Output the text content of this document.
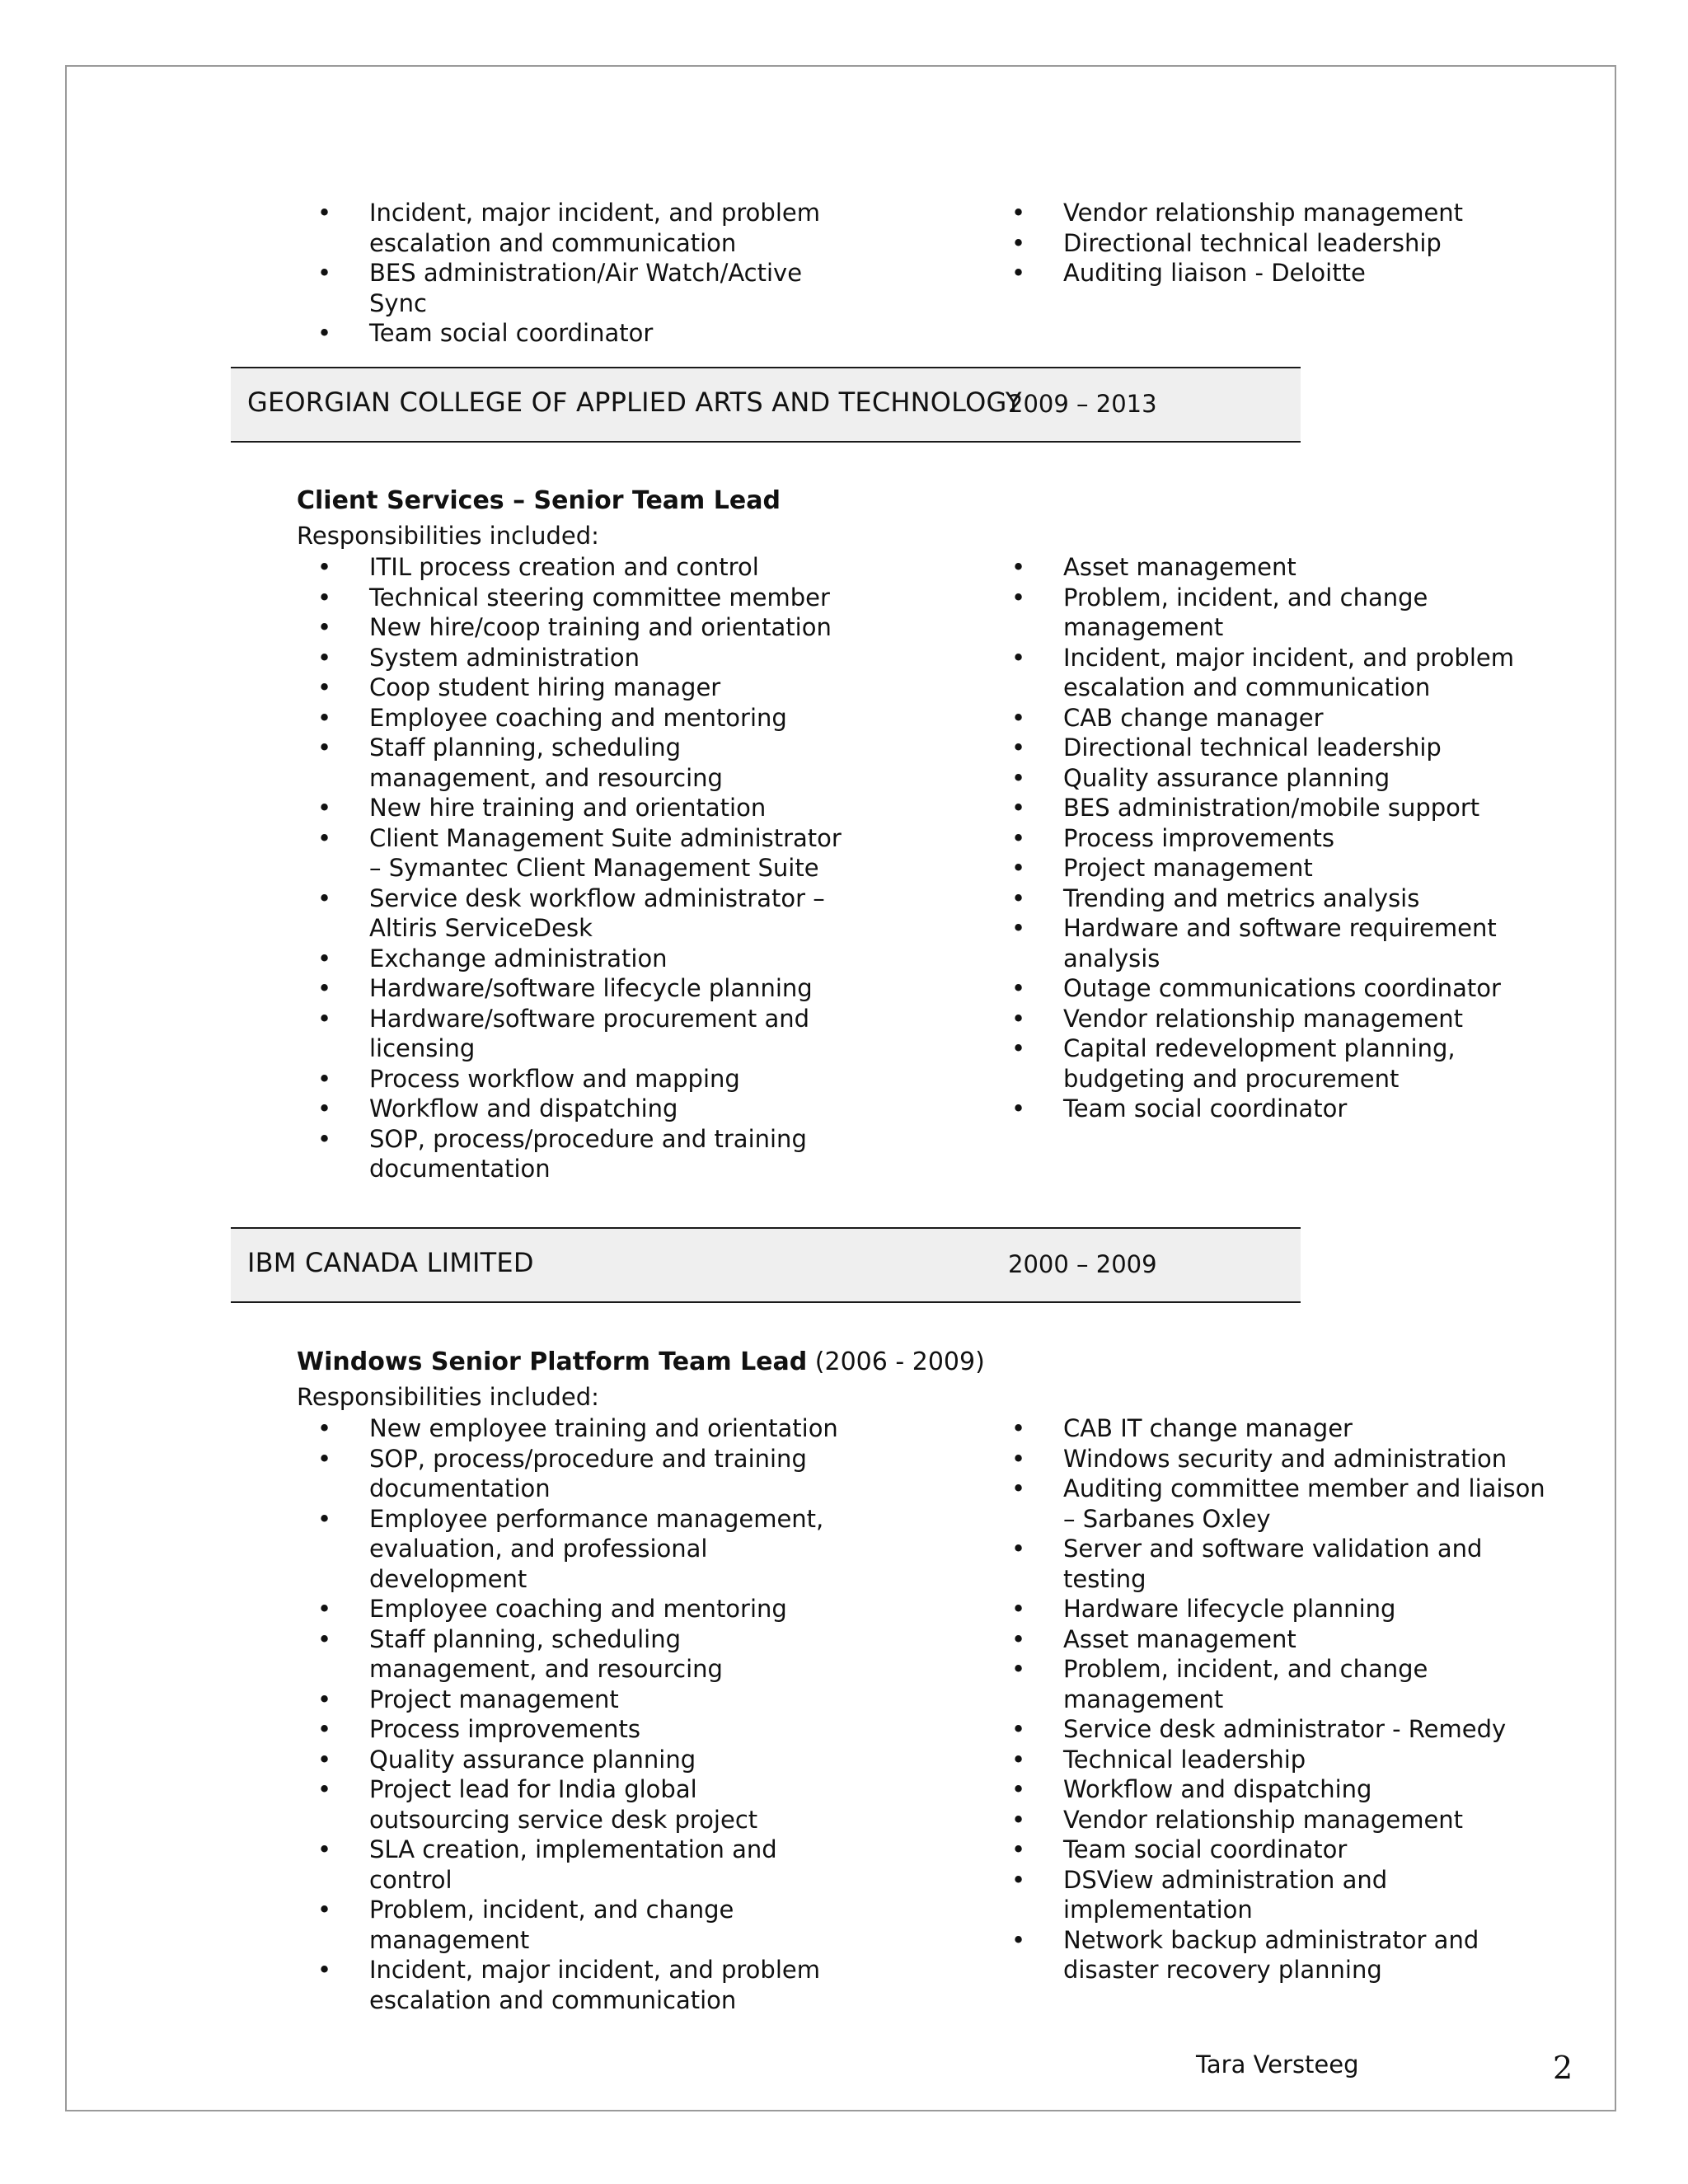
• Incident, major incident, and problem escalation and communication
• BES administration/Air Watch/Active Sync
• Team social coordinator
• Vendor relationship management
• Directional technical leadership
• Auditing liaison - Deloitte
GEORGIAN COLLEGE OF APPLIED ARTS AND TECHNOLOGY
2009 – 2013
Client Services – Senior Team Lead
Responsibilities included:
• ITIL process creation and control
• Technical steering committee member
• New hire/coop training and orientation
• System administration
• Coop student hiring manager
• Employee coaching and mentoring
• Staff planning, scheduling management, and resourcing
• New hire training and orientation
• Client Management Suite administrator – Symantec Client Management Suite
• Service desk workflow administrator – Altiris ServiceDesk
• Exchange administration
• Hardware/software lifecycle planning
• Hardware/software procurement and licensing
• Process workflow and mapping
• Workflow and dispatching
• SOP, process/procedure and training documentation
• Asset management
• Problem, incident, and change management
• Incident, major incident, and problem escalation and communication
• CAB change manager
• Directional technical leadership
• Quality assurance planning
• BES administration/mobile support
• Process improvements
• Project management
• Trending and metrics analysis
• Hardware and software requirement analysis
• Outage communications coordinator
• Vendor relationship management
• Capital redevelopment planning, budgeting and procurement
• Team social coordinator
IBM CANADA LIMITED	2000 – 2009
Windows Senior Platform Team Lead (2006 - 2009)
Responsibilities included:
• New employee training and orientation
• SOP, process/procedure and training documentation
• Employee performance management, evaluation, and professional development
• Employee coaching and mentoring
• Staff planning, scheduling management, and resourcing
• Project management
• Process improvements
• Quality assurance planning
• Project lead for India global outsourcing service desk project
• SLA creation, implementation and control
• Problem, incident, and change management
• Incident, major incident, and problem escalation and communication
• CAB IT change manager
• Windows security and administration
• Auditing committee member and liaison – Sarbanes Oxley
• Server and software validation and testing
• Hardware lifecycle planning
• Asset management
• Problem, incident, and change management
• Service desk administrator - Remedy
• Technical leadership
• Workflow and dispatching
• Vendor relationship management
• Team social coordinator
• DSView administration and implementation
• Network backup administrator and disaster recovery planning
Tara Versteeg	2
